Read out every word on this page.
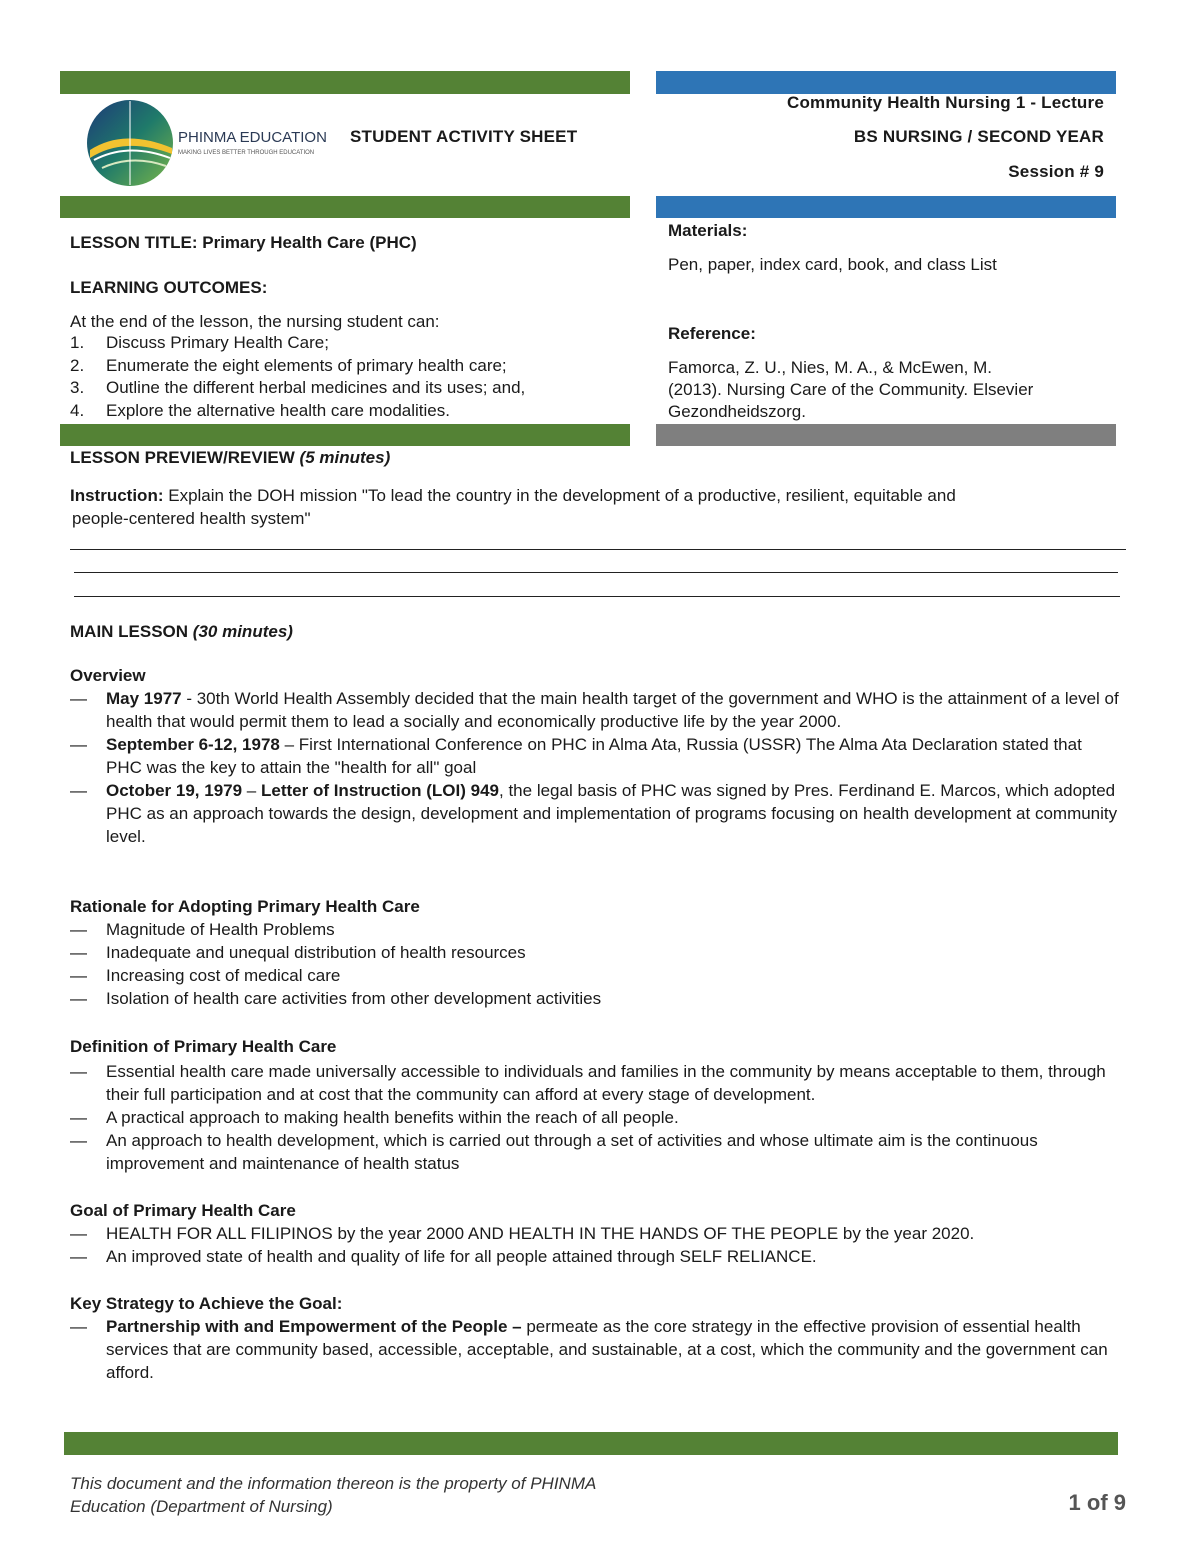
PHINMA EDUCATION
MAKING LIVES BETTER THROUGH EDUCATION
STUDENT ACTIVITY SHEET
Community Health Nursing 1 - Lecture
BS NURSING / SECOND YEAR
Session # 9
LESSON TITLE: Primary Health Care (PHC)
LEARNING OUTCOMES:
At the end of the lesson, the nursing student can:
1. Discuss Primary Health Care;
2. Enumerate the eight elements of primary health care;
3. Outline the different herbal medicines and its uses; and,
4. Explore the alternative health care modalities.
Materials:
Pen, paper, index card, book, and class List
Reference:
Famorca, Z. U., Nies, M. A., & McEwen, M.
(2013). Nursing Care of the Community. Elsevier
Gezondheidszorg.
LESSON PREVIEW/REVIEW (5 minutes)
Instruction: Explain the DOH mission "To lead the country in the development of a productive, resilient, equitable and
people-centered health system"
MAIN LESSON (30 minutes)
Overview
— May 1977 - 30th World Health Assembly decided that the main health target of the government and WHO is the attainment of a level of health that would permit them to lead a socially and economically productive life by the year 2000.
— September 6-12, 1978 – First International Conference on PHC in Alma Ata, Russia (USSR) The Alma Ata Declaration stated that PHC was the key to attain the "health for all" goal
— October 19, 1979 – Letter of Instruction (LOI) 949, the legal basis of PHC was signed by Pres. Ferdinand E. Marcos, which adopted PHC as an approach towards the design, development and implementation of programs focusing on health development at community level.
Rationale for Adopting Primary Health Care
— Magnitude of Health Problems
— Inadequate and unequal distribution of health resources
— Increasing cost of medical care
— Isolation of health care activities from other development activities
Definition of Primary Health Care
— Essential health care made universally accessible to individuals and families in the community by means acceptable to them, through their full participation and at cost that the community can afford at every stage of development.
— A practical approach to making health benefits within the reach of all people.
— An approach to health development, which is carried out through a set of activities and whose ultimate aim is the continuous improvement and maintenance of health status
Goal of Primary Health Care
— HEALTH FOR ALL FILIPINOS by the year 2000 AND HEALTH IN THE HANDS OF THE PEOPLE by the year 2020.
— An improved state of health and quality of life for all people attained through SELF RELIANCE.
Key Strategy to Achieve the Goal:
— Partnership with and Empowerment of the People – permeate as the core strategy in the effective provision of essential health services that are community based, accessible, acceptable, and sustainable, at a cost, which the community and the government can afford.
This document and the information thereon is the property of PHINMA
Education (Department of Nursing)	1 of 9
